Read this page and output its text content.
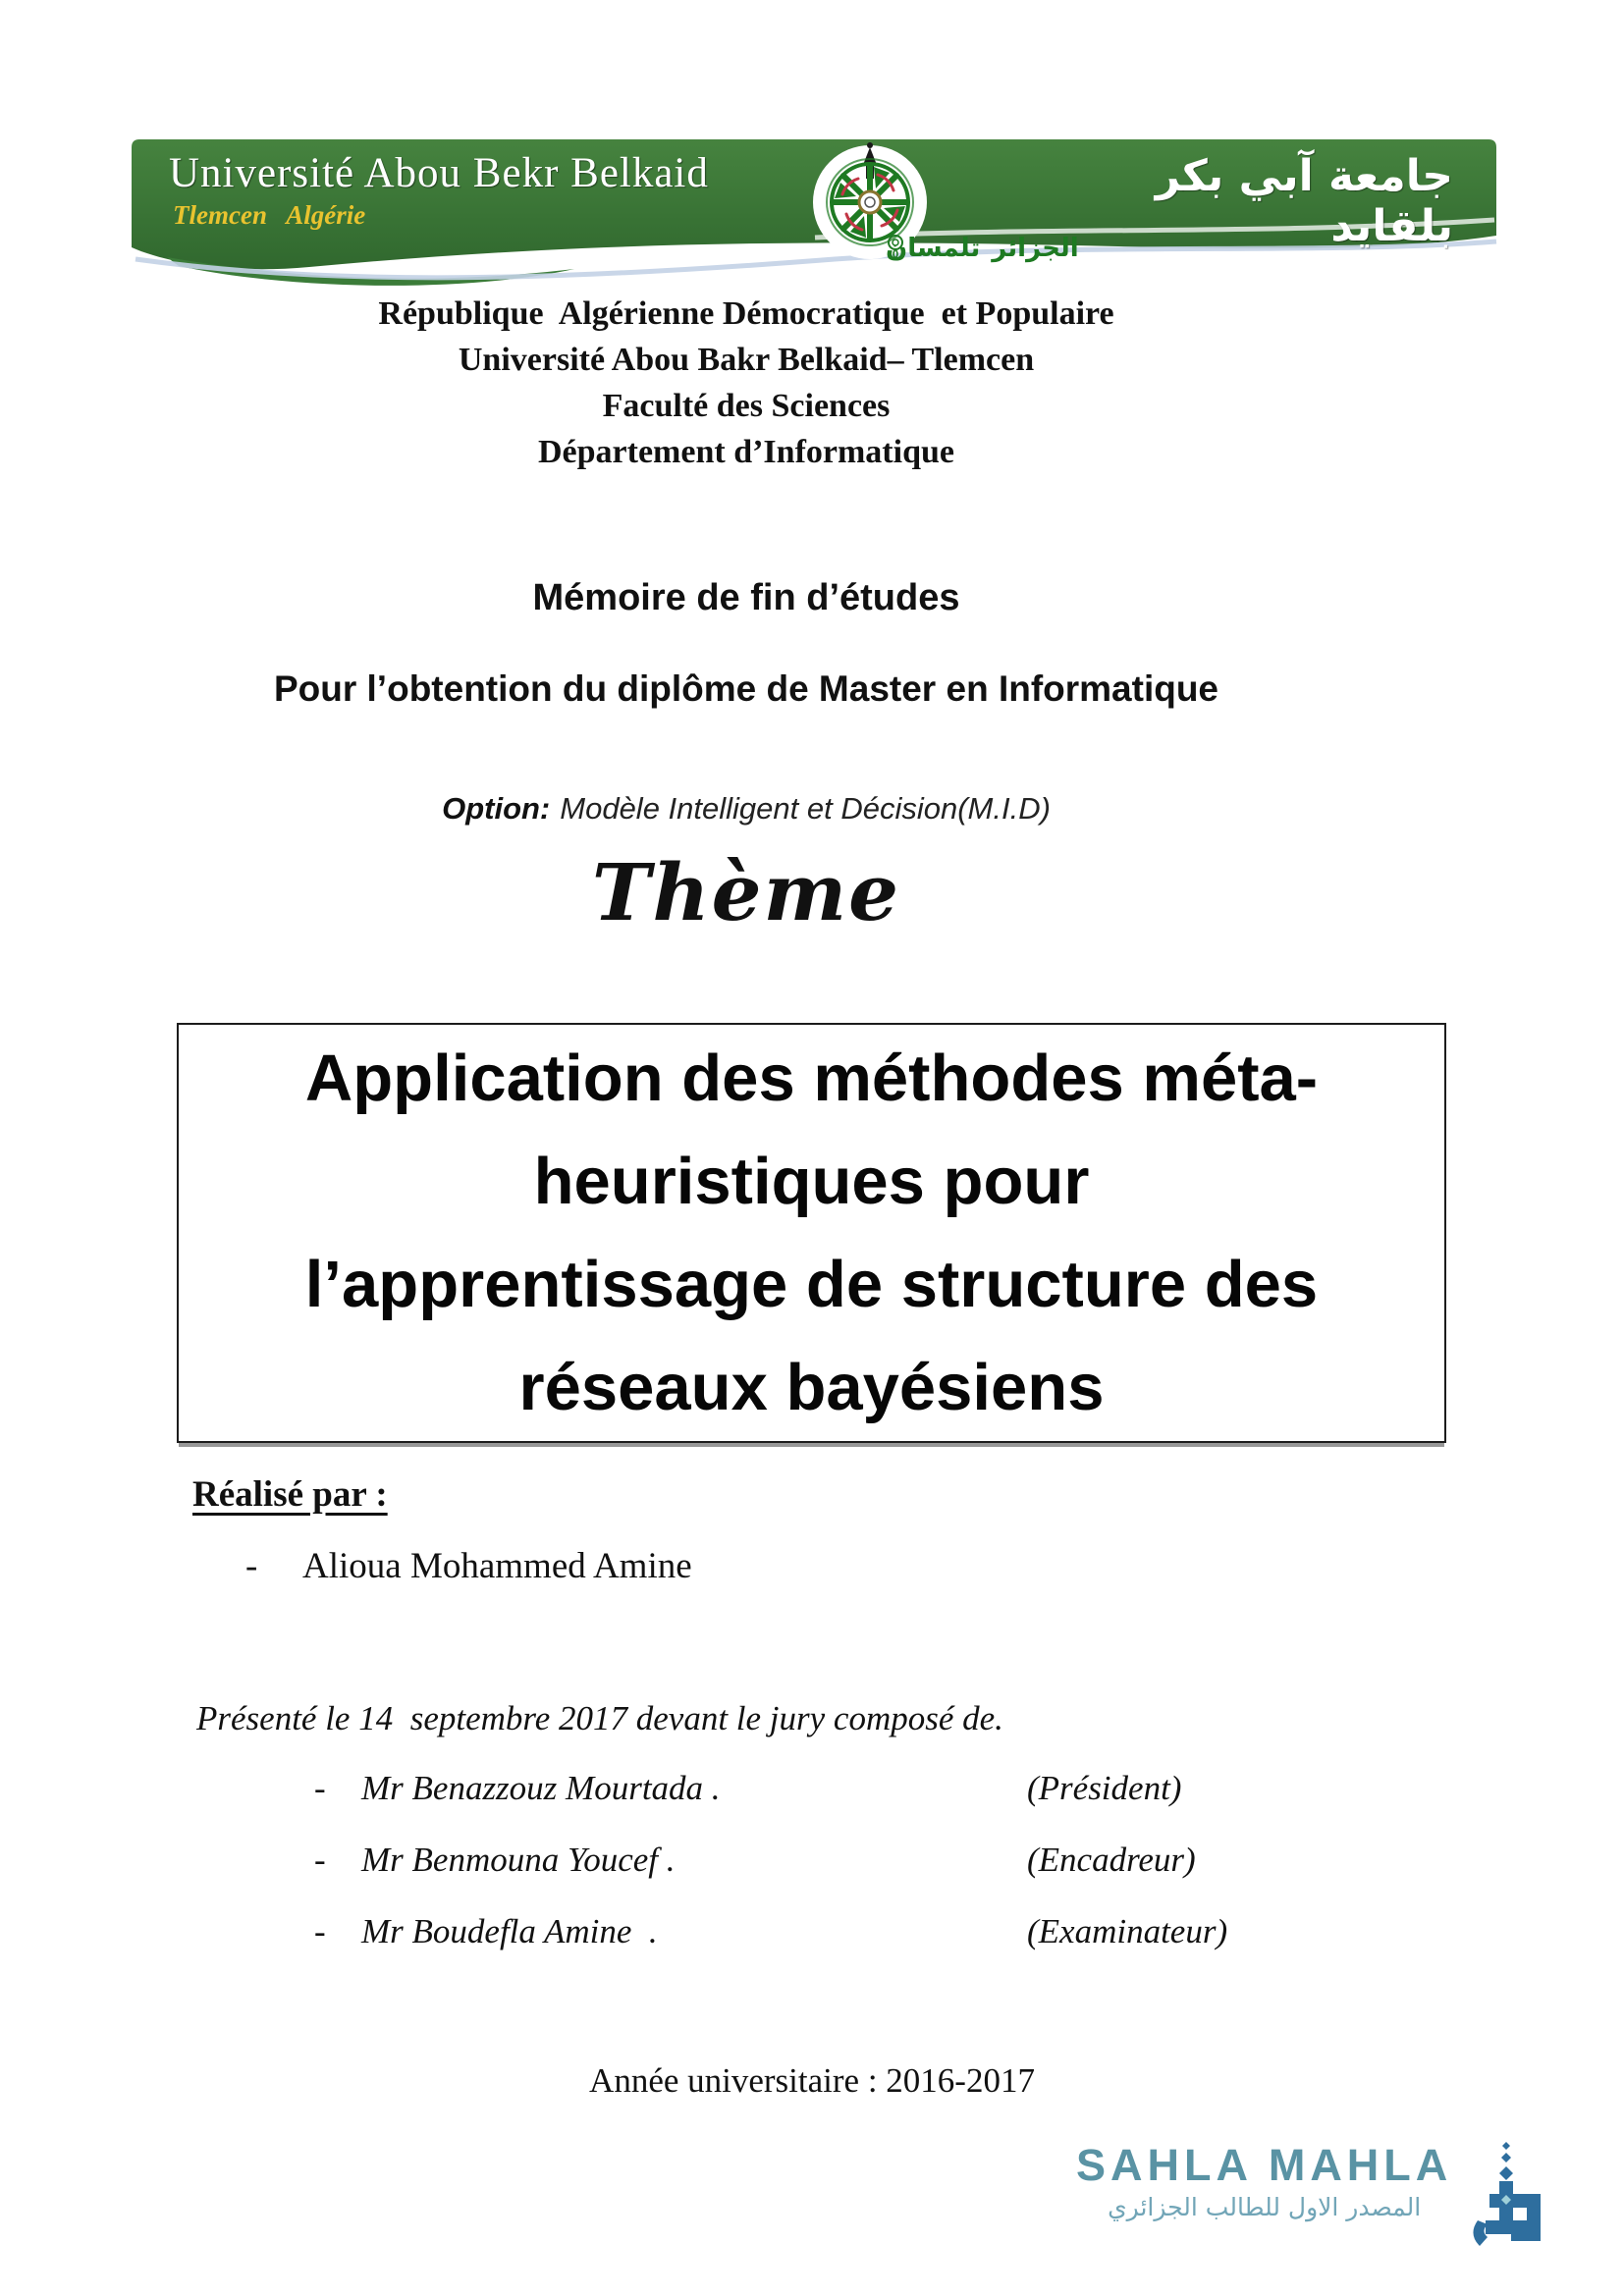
Université Abou Bekr Belkaid
Tlemcen   Algérie
جامعة آبي بكر بلقايد
تلمسان الجزائر
République  Algérienne Démocratique  et Populaire
Université Abou Bakr Belkaid– Tlemcen
Faculté des Sciences
Département d’Informatique
Mémoire de fin d’études
Pour l’obtention du diplôme de Master en Informatique
Option: Modèle Intelligent et Décision(M.I.D)
Thème
Application des méthodes méta-
heuristiques pour
l’apprentissage de structure des
réseaux bayésiens
Réalisé par :
- Alioua Mohammed Amine
Présenté le 14  septembre 2017 devant le jury composé de.
- Mr Benazzouz Mourtada .	(Président)
- Mr Benmouna Youcef .	(Encadreur)
- Mr Boudefla Amine  .	(Examinateur)
Année universitaire : 2016-2017
SAHLA MAHLA
المصدر الاول للطالب الجزائري
